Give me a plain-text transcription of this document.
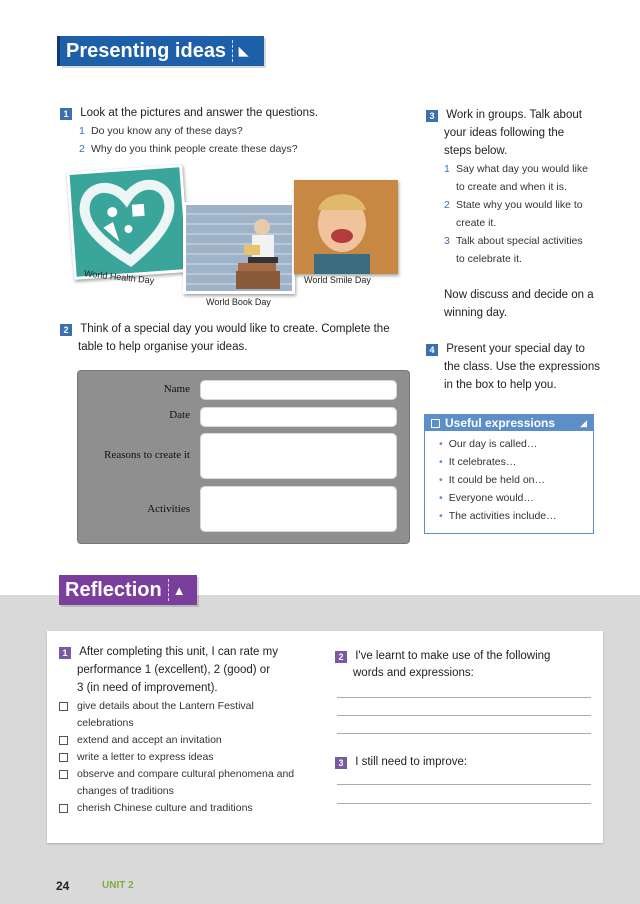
Presenting ideas ◣
1 Look at the pictures and answer the questions.
1 Do you know any of these days?
2 Why do you think people create these days?
World Health Day
World Book Day
World Smile Day
2 Think of a special day you would like to create. Complete the
table to help organise your ideas.
Name
Date
Reasons to create it
Activities
3 Work in groups. Talk about
your ideas following the
steps below.
1 Say what day you would like
to create and when it is.
2 State why you would like to
create it.
3 Talk about special activities
to celebrate it.
Now discuss and decide on a
winning day.
4 Present your special day to
the class. Use the expressions
in the box to help you.
Useful expressions	◢
• Our day is called…
• It celebrates…
• It could be held on…
• Everyone would…
• The activities include…
Reflection ▲
1 After completing this unit, I can rate my
performance 1 (excellent), 2 (good) or
3 (in need of improvement).
give details about the Lantern Festival
celebrations
extend and accept an invitation
write a letter to express ideas
observe and compare cultural phenomena and
changes of traditions
cherish Chinese culture and traditions
2 I've learnt to make use of the following
words and expressions:
3 I still need to improve:
24	UNIT 2
